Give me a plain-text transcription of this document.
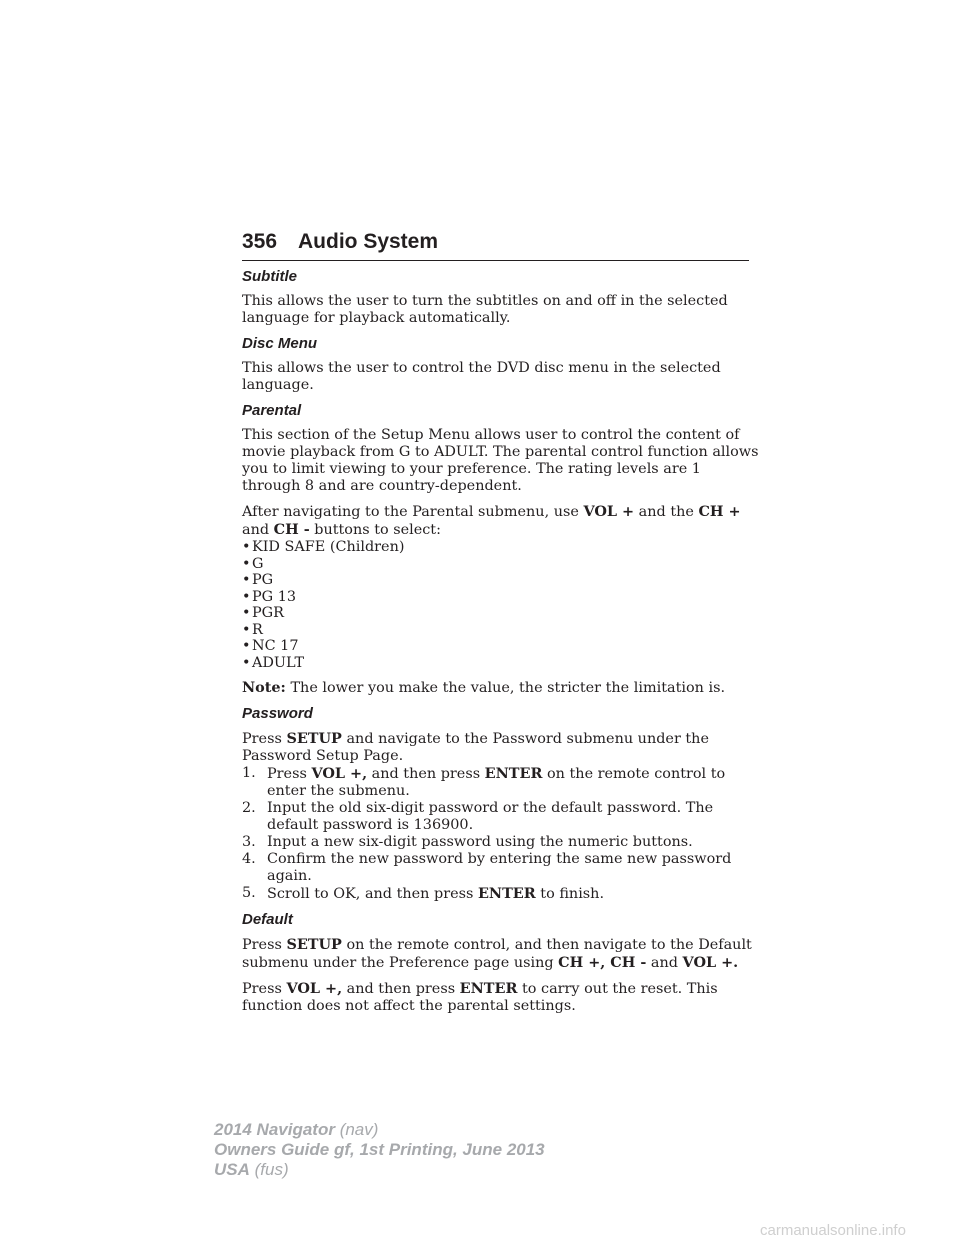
356 Audio System
Subtitle

This allows the user to turn the subtitles on and off in the selected language for playback automatically.

Disc Menu

This allows the user to control the DVD disc menu in the selected language.

Parental

This section of the Setup Menu allows user to control the content of movie playback from G to ADULT. The parental control function allows you to limit viewing to your preference. The rating levels are 1 through 8 and are country-dependent.

After navigating to the Parental submenu, use VOL + and the CH + and CH - buttons to select:

• KID SAFE (Children)
• G
• PG
• PG 13
• PGR
• R
• NC 17
• ADULT

Note: The lower you make the value, the stricter the limitation is.

Password

Press SETUP and navigate to the Password submenu under the Password Setup Page.

1. Press VOL +, and then press ENTER on the remote control to enter the submenu.
2. Input the old six-digit password or the default password. The default password is 136900.
3. Input a new six-digit password using the numeric buttons.
4. Confirm the new password by entering the same new password again.
5. Scroll to OK, and then press ENTER to finish.
Default

Press SETUP on the remote control, and then navigate to the Default submenu under the Preference page using CH +, CH - and VOL +.

Press VOL +, and then press ENTER to carry out the reset. This function does not affect the parental settings.

2014 Navigator (nav)
Owners Guide gf, 1st Printing, June 2013
USA (fus)
carmanualsonline.info
